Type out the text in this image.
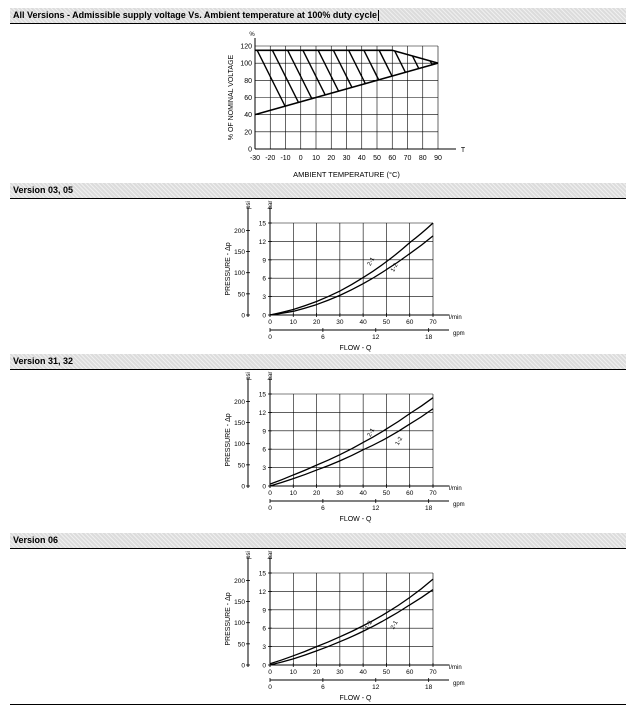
All Versions - Admissible supply voltage Vs. Ambient temperature at 100% duty cycle
-30 -20 -10 0 10 20 30 40 50 60 70 80 90
0
20
40
60
80
100
120
%
T
AMBIENT TEMPERATURE (°C)
% OF NOMINAL VOLTAGE
Version 03, 05
0
50
100
150
200
0
3
6
9
12
15
psi	bar
PRESSURE - Δp
0	10 20 30 40 50 60 70
l/min
0	6	12	18	gpm
FLOW - Q
2-1
1-2
Version 31, 32
0
50
100
150
200
0
3
6
9
12
15
psi	bar
PRESSURE - Δp
0	10 20 30 40 50 60 70
l/min
0	6	12	18	gpm
FLOW - Q
2-1
1-2
Version 06
0
50
100
150
200
0
3
6
9
12
15
psi	bar
PRESSURE - Δp
0	10 20 30 40 50 60 70
l/min
0	6	12	18	gpm
FLOW - Q
1-2	2-1
